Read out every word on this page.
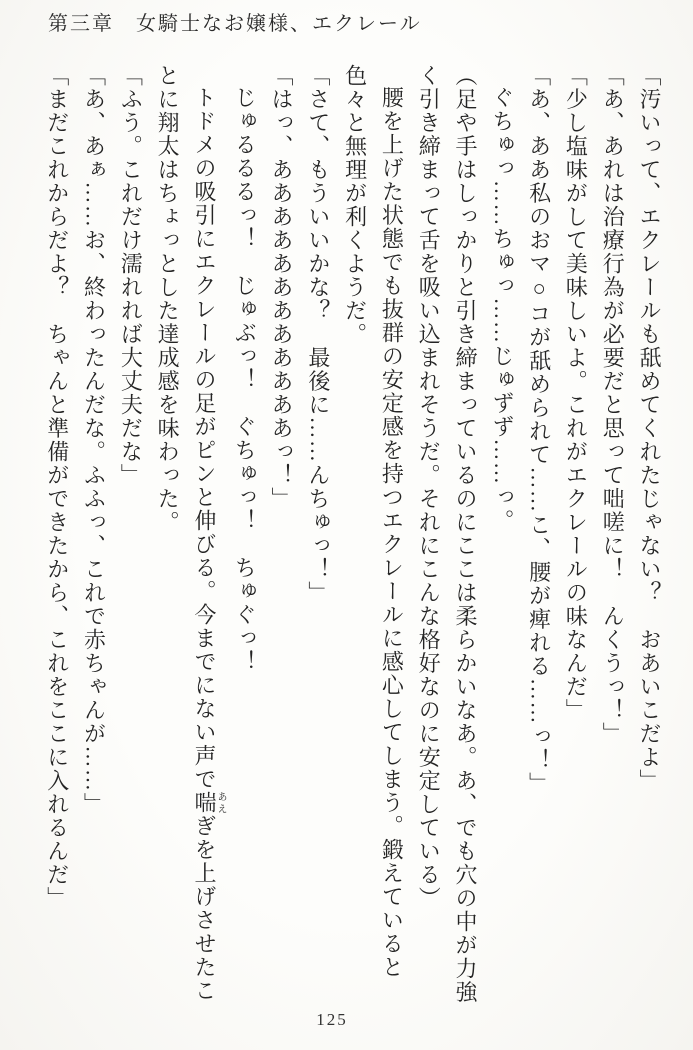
第三章　女騎士なお嬢様、エクレール

「汚いって、エクレールも舐めてくれたじゃない？　おあいこだよ」

「あ、あれは治療行為が必要だと思って咄嗟に！　んくうっ！」

「少し塩味がして美味しいよ。これがエクレールの味なんだ」

「あ、ああ私のおマ○コが舐められて……こ、腰が痺れる……っ！」

ぐちゅっ……ちゅっ……じゅずず……っ。

（足や手はしっかりと引き締まっているのにここは柔らかいなあ。あ、でも穴の中が力強く引き締まって舌を吸い込まれそうだ。それにこんな格好なのに安定している）

腰を上げた状態でも抜群の安定感を持つエクレールに感心してしまう。鍛えていると色々と無理が利くようだ。

「さて、もういいかな？　最後に……んちゅっ！」

「はっ、ああああああああああああっ！」

じゅるるるっ！　じゅぶっ！　ぐちゅっ！　ちゅぐっ！

トドメの吸引にエクレールの足がピンと伸びる。今までにない声で喘あえぎを上げさせたことに翔太はちょっとした達成感を味わった。

「ふう。これだけ濡れれば大丈夫だな」

「あ、あぁ……お、終わったんだな。ふふっ、これで赤ちゃんが……」

「まだこれからだよ？　ちゃんと準備ができたから、これをここに入れるんだ」

125
